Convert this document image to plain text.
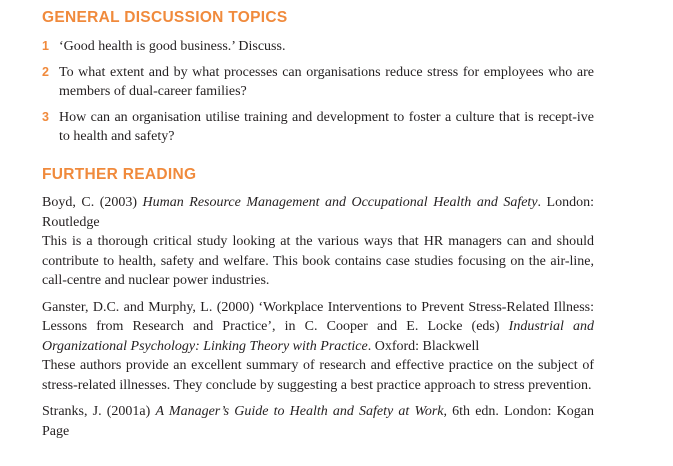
GENERAL DISCUSSION TOPICS
1 ‘Good health is good business.’ Discuss.
2 To what extent and by what processes can organisations reduce stress for employees who are members of dual-career families?
3 How can an organisation utilise training and development to foster a culture that is recept-ive to health and safety?
FURTHER READING
Boyd, C. (2003) Human Resource Management and Occupational Health and Safety. London: Routledge
This is a thorough critical study looking at the various ways that HR managers can and should contribute to health, safety and welfare. This book contains case studies focusing on the air-line, call-centre and nuclear power industries.
Ganster, D.C. and Murphy, L. (2000) ‘Workplace Interventions to Prevent Stress-Related Illness: Lessons from Research and Practice’, in C. Cooper and E. Locke (eds) Industrial and Organizational Psychology: Linking Theory with Practice. Oxford: Blackwell
These authors provide an excellent summary of research and effective practice on the subject of stress-related illnesses. They conclude by suggesting a best practice approach to stress prevention.
Stranks, J. (2001a) A Manager’s Guide to Health and Safety at Work, 6th edn. London: Kogan Page
